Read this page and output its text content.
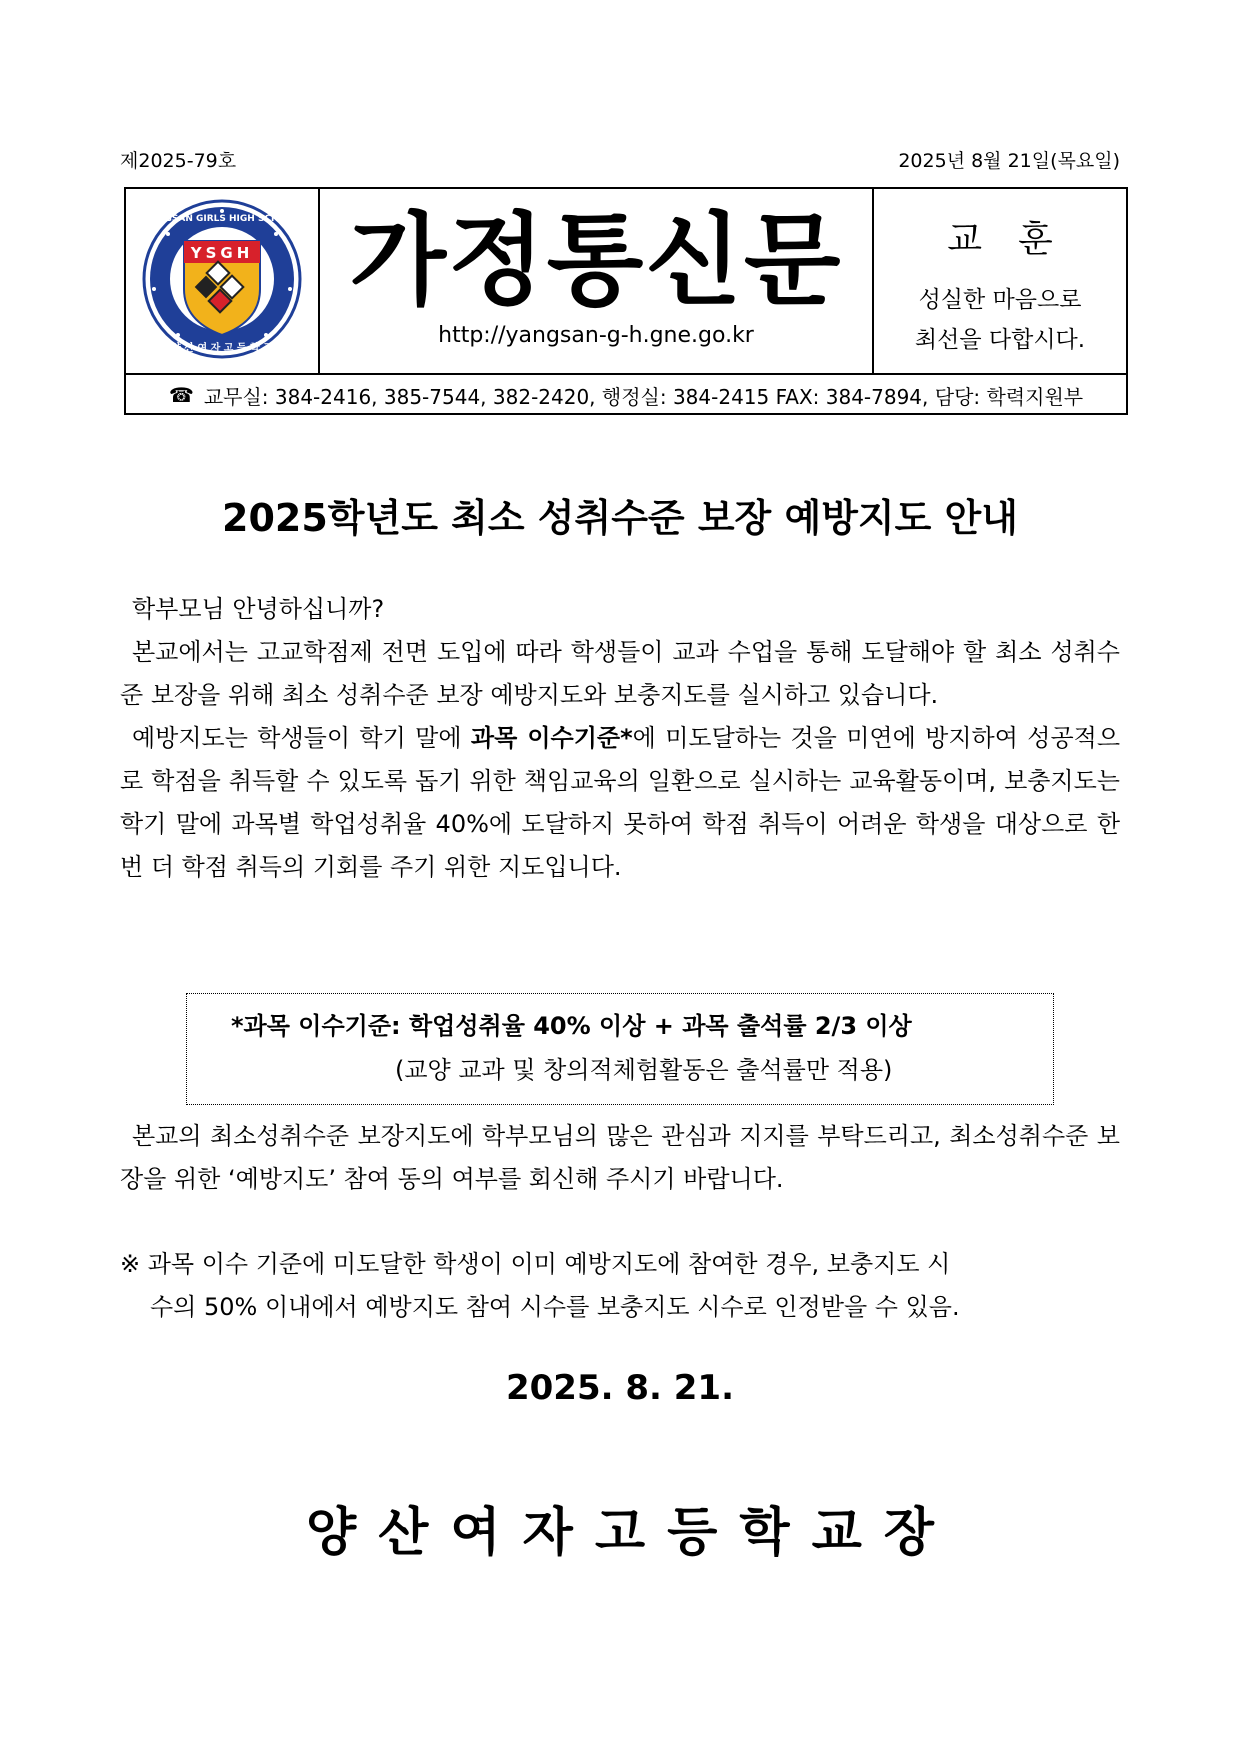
제2025-79호	2025년 8월 21일(목요일)
YSGH
YANGSAN GIRLS HIGH SCHOOL
양 산 여 자 고 등 학 교
가정통신문
http://yangsan-g-h.gne.go.kr
교훈
성실한 마음으로
최선을 다합시다.
☎ 교무실: 384-2416, 385-7544, 382-2420, 행정실: 384-2415 FAX: 384-7894, 담당: 학력지원부
2025학년도 최소 성취수준 보장 예방지도 안내

학부모님 안녕하십니까?

본교에서는 고교학점제 전면 도입에 따라 학생들이 교과 수업을 통해 도달해야 할 최소 성취수준 보장을 위해 최소 성취수준 보장 예방지도와 보충지도를 실시하고 있습니다.

예방지도는 학생들이 학기 말에 과목 이수기준*에 미도달하는 것을 미연에 방지하여 성공적으로 학점을 취득할 수 있도록 돕기 위한 책임교육의 일환으로 실시하는 교육활동이며, 보충지도는 학기 말에 과목별 학업성취율 40%에 도달하지 못하여 학점 취득이 어려운 학생을 대상으로 한 번 더 학점 취득의 기회를 주기 위한 지도입니다.

*과목 이수기준: 학업성취율 40% 이상 + 과목 출석률 2/3 이상
(교양 교과 및 창의적체험활동은 출석률만 적용)

본교의 최소성취수준 보장지도에 학부모님의 많은 관심과 지지를 부탁드리고, 최소성취수준 보장을 위한 ‘예방지도’ 참여 동의 여부를 회신해 주시기 바랍니다.

※ 과목 이수 기준에 미도달한 학생이 이미 예방지도에 참여한 경우, 보충지도 시
수의 50% 이내에서 예방지도 참여 시수를 보충지도 시수로 인정받을 수 있음.
2025. 8. 21.
양산여자고등학교장
